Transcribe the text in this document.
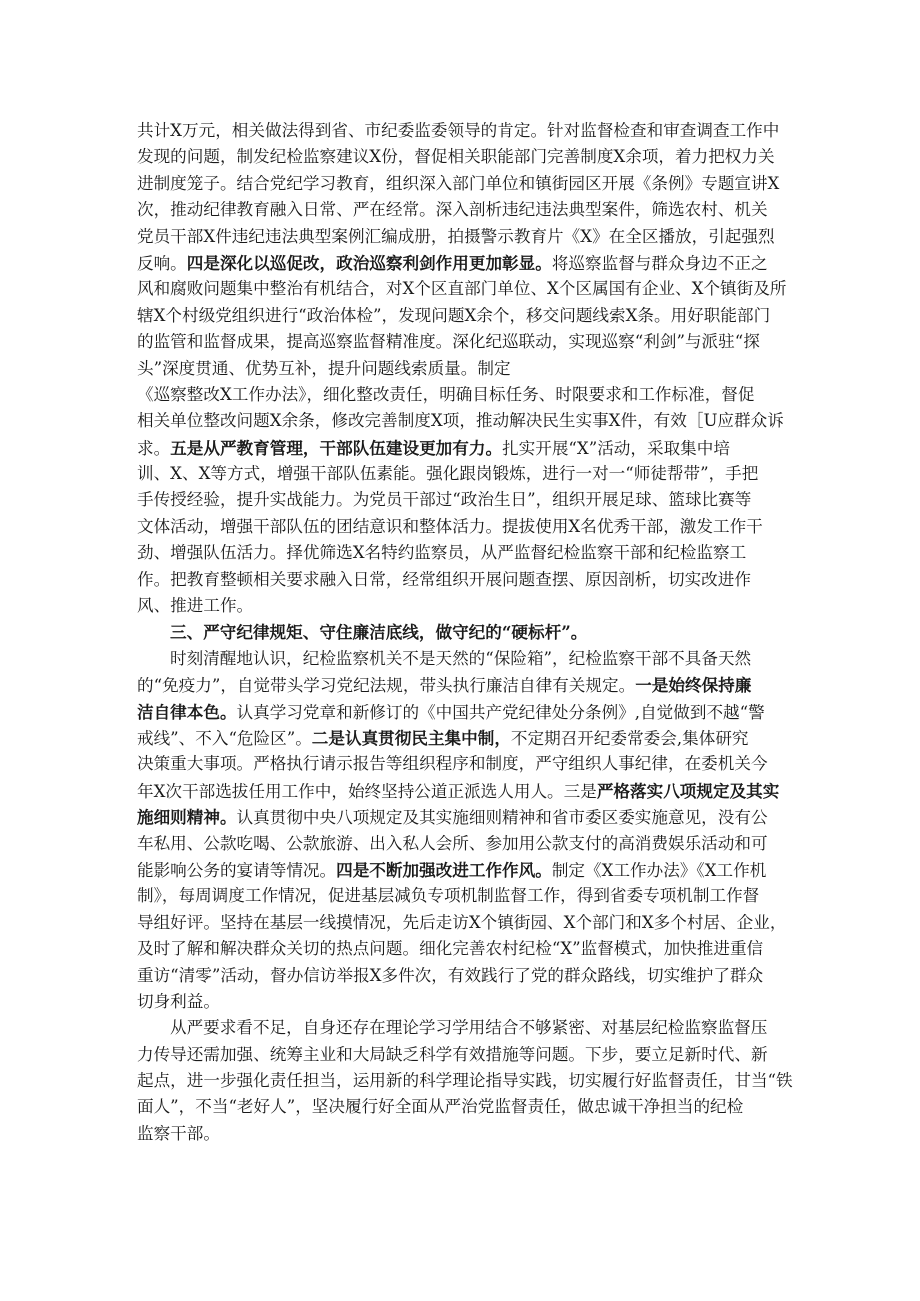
共计X万元，相关做法得到省、市纪委监委领导的肯定。针对监督检查和审查调查工作中
发现的问题，制发纪检监察建议X份，督促相关职能部门完善制度X余项，着力把权力关
进制度笼子。结合党纪学习教育，组织深入部门单位和镇街园区开展《条例》专题宣讲X
次，推动纪律教育融入日常、严在经常。深入剖析违纪违法典型案件，筛选农村、机关
党员干部X件违纪违法典型案例汇编成册，拍摄警示教育片《X》在全区播放，引起强烈
反响。四是深化以巡促改，政治巡察利剑作用更加彰显。将巡察监督与群众身边不正之
风和腐败问题集中整治有机结合，对X个区直部门单位、X个区属国有企业、X个镇街及所
辖X个村级党组织进行“政治体检”，发现问题X余个，移交问题线索X条。用好职能部门
的监管和监督成果，提高巡察监督精准度。深化纪巡联动，实现巡察“利剑”与派驻“探
头”深度贯通、优势互补，提升问题线索质量。制定
《巡察整改X工作办法》，细化整改责任，明确目标任务、时限要求和工作标准，督促
相关单位整改问题X余条，修改完善制度X项，推动解决民生实事X件，有效［U应群众诉
求。五是从严教育管理，干部队伍建设更加有力。扎实开展“X”活动，采取集中培
训、X、X等方式，增强干部队伍素能。强化跟岗锻炼，进行一对一“师徒帮带”，手把
手传授经验，提升实战能力。为党员干部过“政治生日”，组织开展足球、篮球比赛等
文体活动，增强干部队伍的团结意识和整体活力。提拔使用X名优秀干部，激发工作干
劲、增强队伍活力。择优筛选X名特约监察员，从严监督纪检监察干部和纪检监察工
作。把教育整顿相关要求融入日常，经常组织开展问题查摆、原因剖析，切实改进作
风、推进工作。
三、严守纪律规矩、守住廉洁底线，做守纪的“硬标杆”。
时刻清醒地认识，纪检监察机关不是天然的“保险箱”，纪检监察干部不具备天然
的“免疫力”，自觉带头学习党纪法规，带头执行廉洁自律有关规定。一是始终保持廉
洁自律本色。认真学习党章和新修订的《中国共产党纪律处分条例》,自觉做到不越“警
戒线”、不入“危险区”。二是认真贯彻民主集中制，不定期召开纪委常委会,集体研究
决策重大事项。严格执行请示报告等组织程序和制度，严守组织人事纪律，在委机关今
年X次干部选拔任用工作中，始终坚持公道正派选人用人。三是严格落实八项规定及其实
施细则精神。认真贯彻中央八项规定及其实施细则精神和省市委区委实施意见，没有公
车私用、公款吃喝、公款旅游、出入私人会所、参加用公款支付的高消费娱乐活动和可
能影响公务的宴请等情况。四是不断加强改进工作作风。制定《X工作办法》《X工作机
制》，每周调度工作情况，促进基层减负专项机制监督工作，得到省委专项机制工作督
导组好评。坚持在基层一线摸情况，先后走访X个镇街园、X个部门和X多个村居、企业，
及时了解和解决群众关切的热点问题。细化完善农村纪检“X”监督模式，加快推进重信
重访“清零”活动，督办信访举报X多件次，有效践行了党的群众路线，切实维护了群众
切身利益。
从严要求看不足，自身还存在理论学习学用结合不够紧密、对基层纪检监察监督压
力传导还需加强、统筹主业和大局缺乏科学有效措施等问题。下步，要立足新时代、新
起点，进一步强化责任担当，运用新的科学理论指导实践，切实履行好监督责任，甘当“铁
面人”，不当“老好人”，坚决履行好全面从严治党监督责任，做忠诚干净担当的纪检
监察干部。
